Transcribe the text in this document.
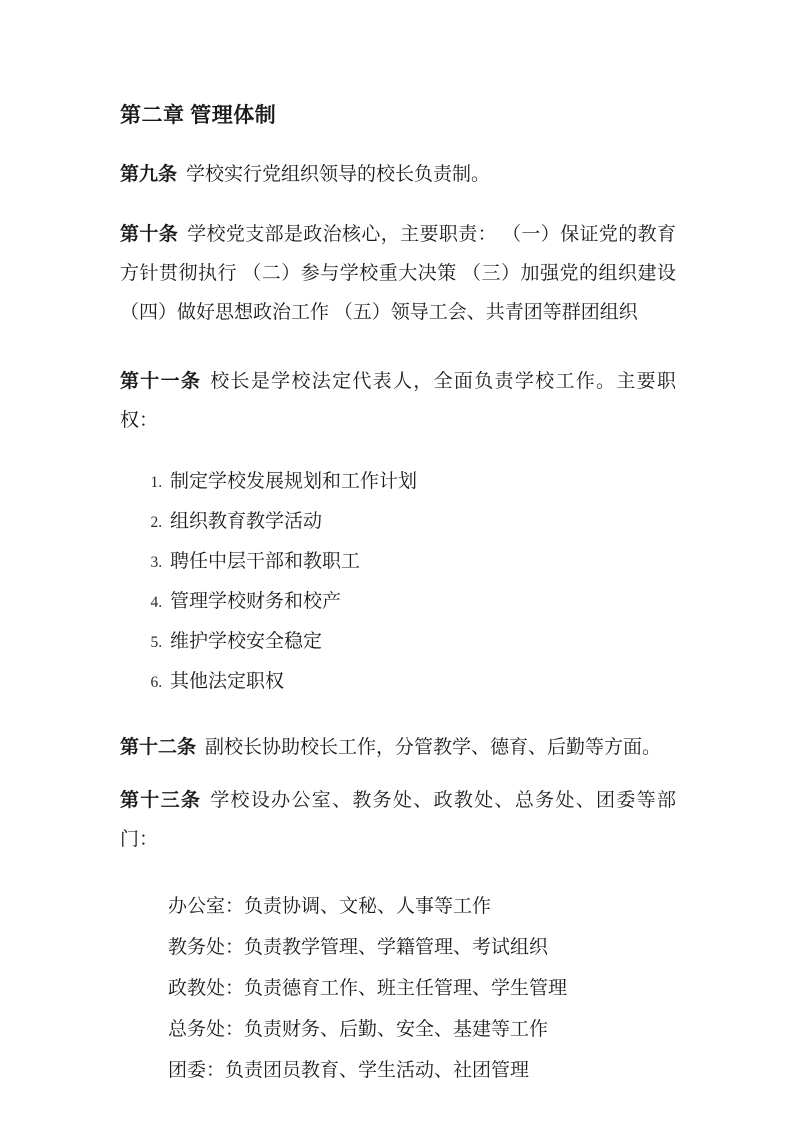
第二章 管理体制

第九条 学校实行党组织领导的校长负责制。

第十条 学校党支部是政治核心，主要职责： （一）保证党的教育方针贯彻执行 （二）参与学校重大决策 （三）加强党的组织建设 （四）做好思想政治工作 （五）领导工会、共青团等群团组织

第十一条 校长是学校法定代表人，全面负责学校工作。主要职权：

1. 制定学校发展规划和工作计划
2. 组织教育教学活动
3. 聘任中层干部和教职工
4. 管理学校财务和校产
5. 维护学校安全稳定
6. 其他法定职权

第十二条 副校长协助校长工作，分管教学、德育、后勤等方面。

第十三条 学校设办公室、教务处、政教处、总务处、团委等部门：

办公室：负责协调、文秘、人事等工作

教务处：负责教学管理、学籍管理、考试组织

政教处：负责德育工作、班主任管理、学生管理

总务处：负责财务、后勤、安全、基建等工作

团委：负责团员教育、学生活动、社团管理
